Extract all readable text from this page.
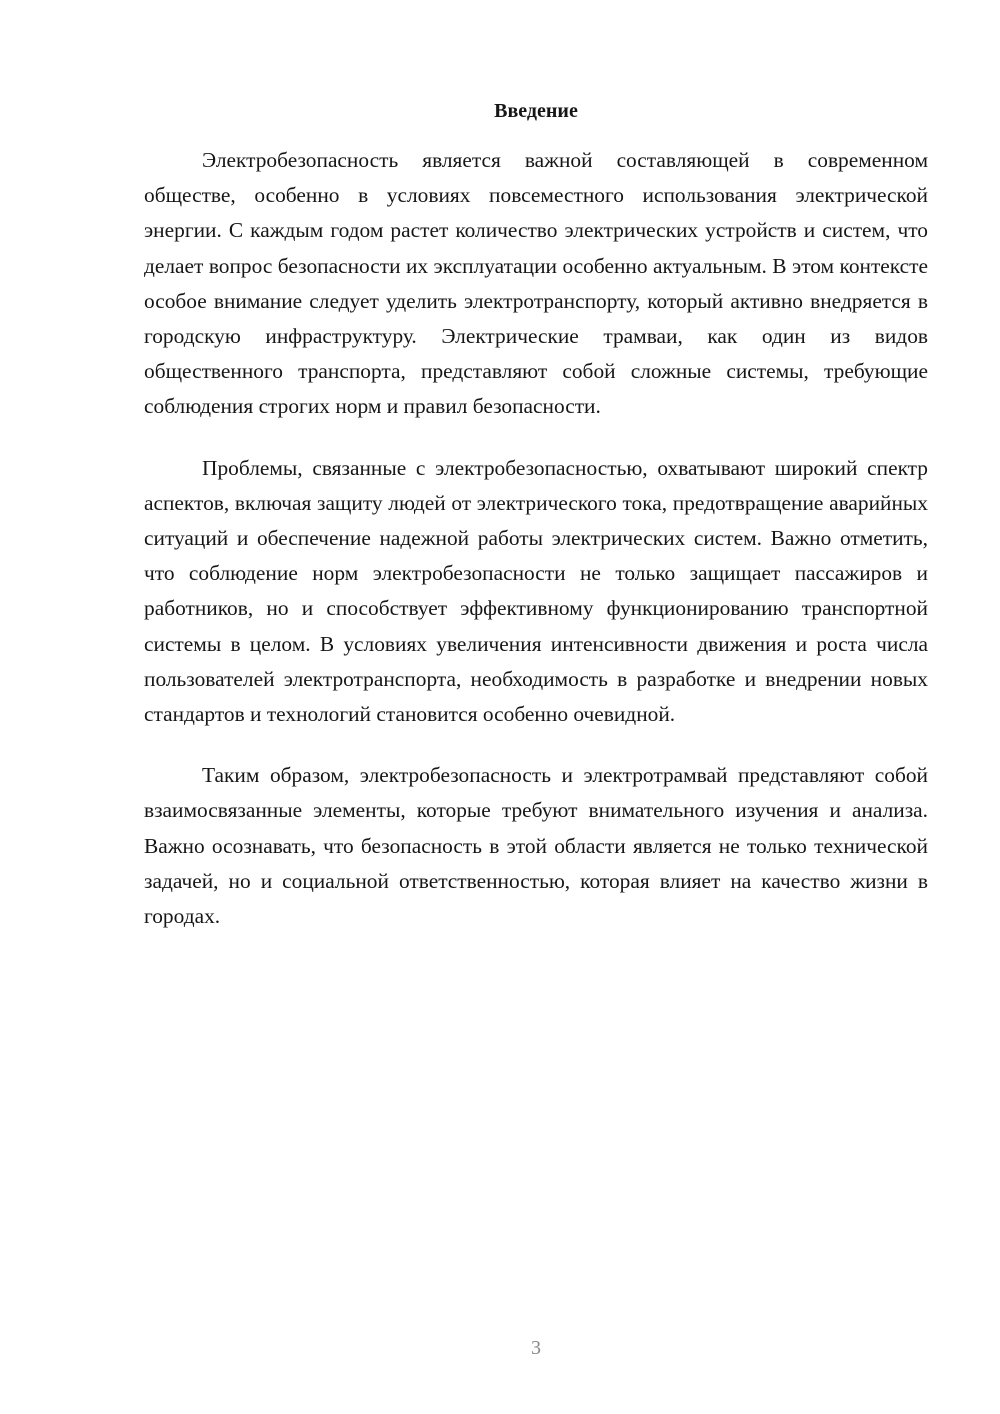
Введение

Электробезопасность является важной составляющей в современном обществе, особенно в условиях повсеместного использования электрической энергии. С каждым годом растет количество электрических устройств и систем, что делает вопрос безопасности их эксплуатации особенно актуальным. В этом контексте особое внимание следует уделить электротранспорту, который активно внедряется в городскую инфраструктуру. Электрические трамваи, как один из видов общественного транспорта, представляют собой сложные системы, требующие соблюдения строгих норм и правил безопасности.

Проблемы, связанные с электробезопасностью, охватывают широкий спектр аспектов, включая защиту людей от электрического тока, предотвращение аварийных ситуаций и обеспечение надежной работы электрических систем. Важно отметить, что соблюдение норм электробезопасности не только защищает пассажиров и работников, но и способствует эффективному функционированию транспортной системы в целом. В условиях увеличения интенсивности движения и роста числа пользователей электротранспорта, необходимость в разработке и внедрении новых стандартов и технологий становится особенно очевидной.

Таким образом, электробезопасность и электротрамвай представляют собой взаимосвязанные элементы, которые требуют внимательного изучения и анализа. Важно осознавать, что безопасность в этой области является не только технической задачей, но и социальной ответственностью, которая влияет на качество жизни в городах.

3
